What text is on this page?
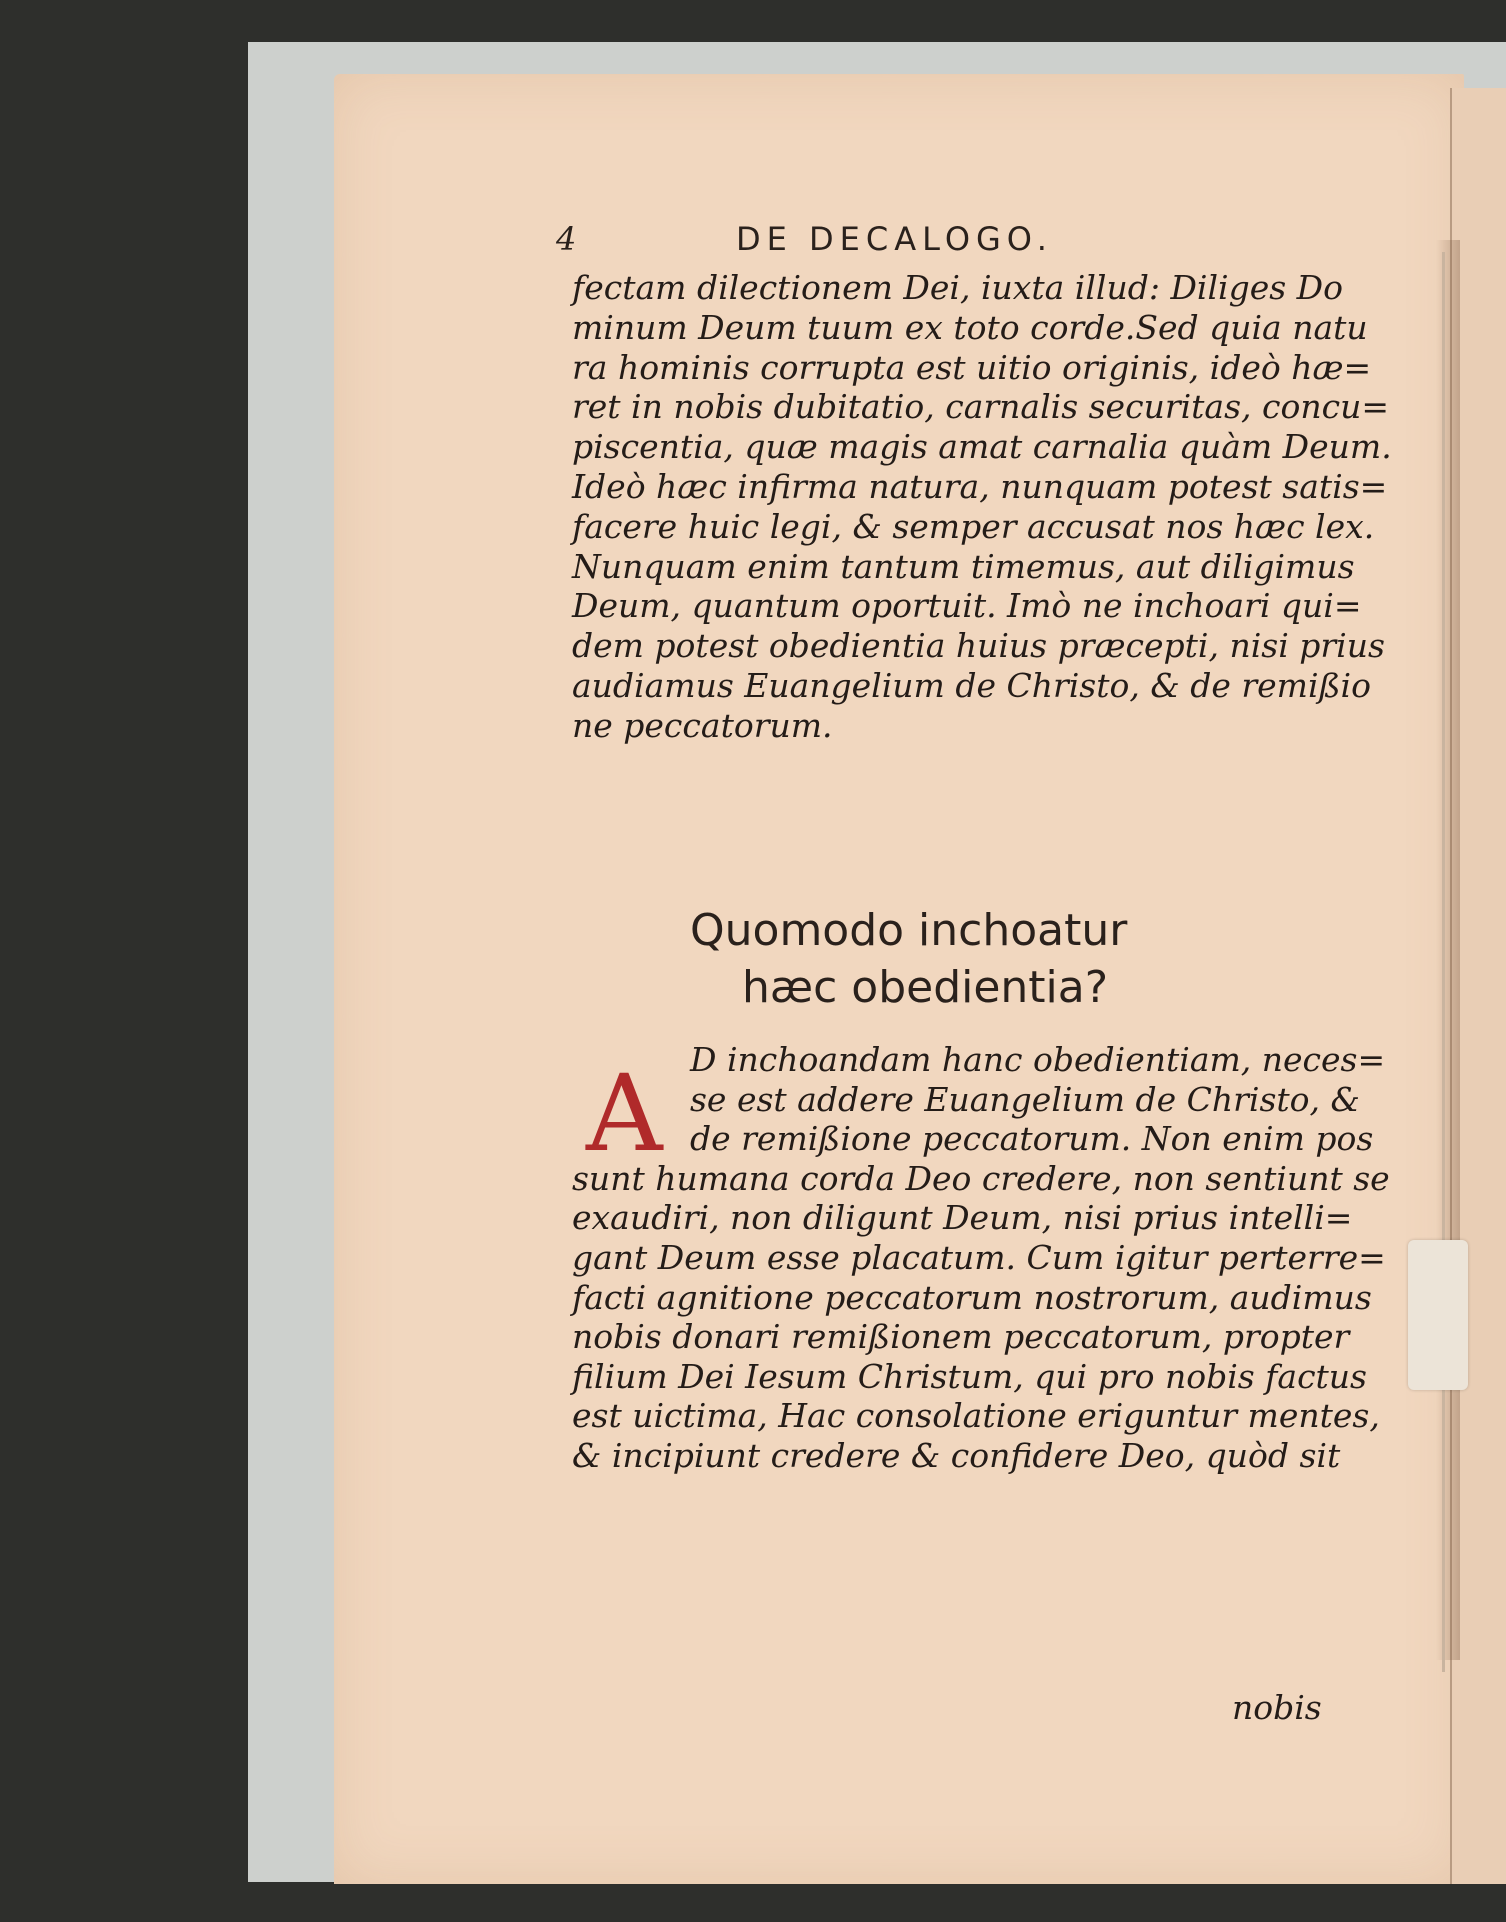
4	DE DECALOGO.
fectam dilectionem Dei, iuxta illud: Diliges Do
minum Deum tuum ex toto corde.Sed quia natu
ra hominis corrupta est uitio originis, ideò hæ=
ret in nobis dubitatio, carnalis securitas, concu=
piscentia, quæ magis amat carnalia quàm Deum.
Ideò hæc infirma natura, nunquam potest satis=
facere huic legi, & semper accusat nos hæc lex.
Nunquam enim tantum timemus, aut diligimus
Deum, quantum oportuit. Imò ne inchoari qui=
dem potest obedientia huius præcepti, nisi prius
audiamus Euangelium de Christo, & de remißio
ne peccatorum.
Quomodo inchoatur
hæc obedientia?
A D inchoandam hanc obedientiam, neces=
se est addere Euangelium de Christo, &
de remißione peccatorum. Non enim pos
sunt humana corda Deo credere, non sentiunt se
exaudiri, non diligunt Deum, nisi prius intelli=
gant Deum esse placatum. Cum igitur perterre=
facti agnitione peccatorum nostrorum, audimus
nobis donari remißionem peccatorum, propter
filium Dei Iesum Christum, qui pro nobis factus
est uictima, Hac consolatione eriguntur mentes,
& incipiunt credere & confidere Deo, quòd sit
nobis
